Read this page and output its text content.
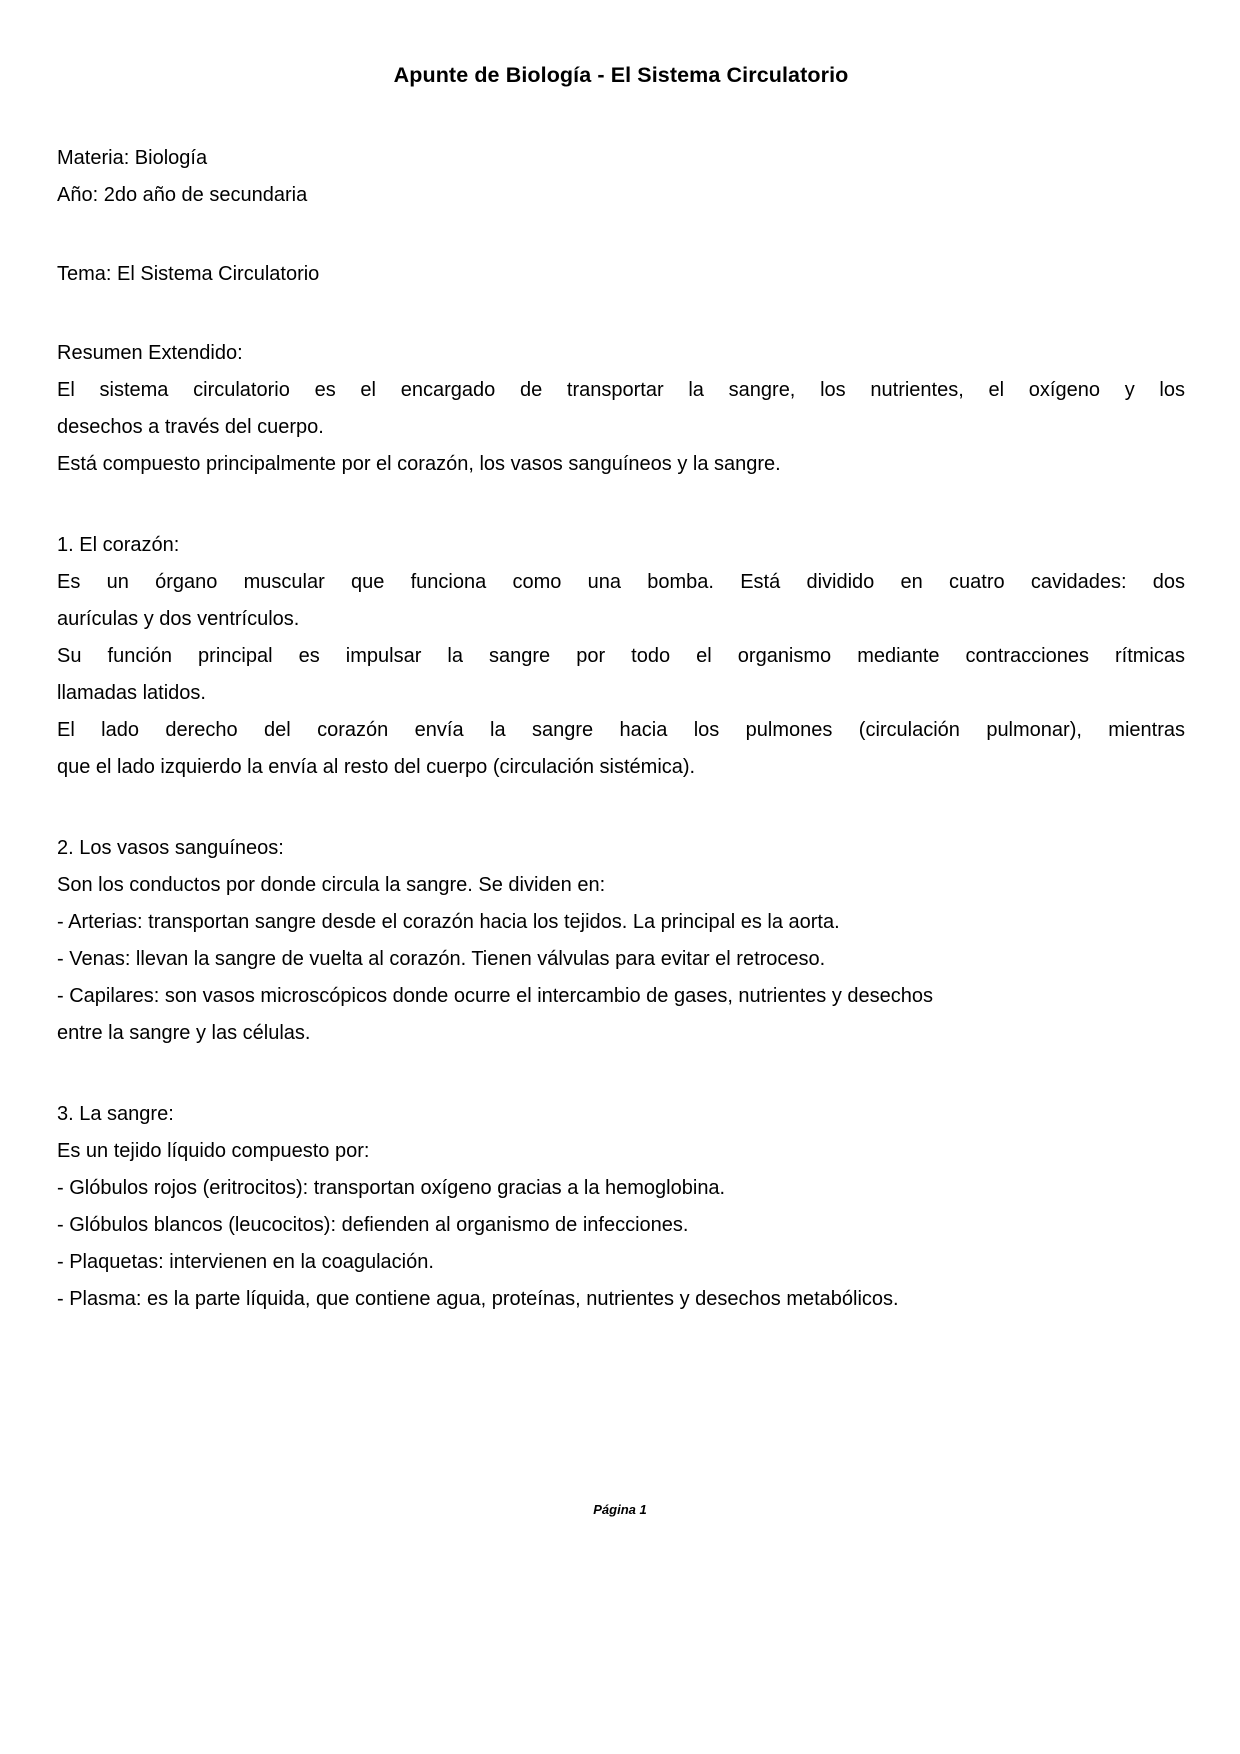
Apunte de Biología - El Sistema Circulatorio
Materia: Biología
Año: 2do año de secundaria
Tema: El Sistema Circulatorio
Resumen Extendido:
El sistema circulatorio es el encargado de transportar la sangre, los nutrientes, el oxígeno y los
desechos a través del cuerpo.
Está compuesto principalmente por el corazón, los vasos sanguíneos y la sangre.
1. El corazón:
Es un órgano muscular que funciona como una bomba. Está dividido en cuatro cavidades: dos
aurículas y dos ventrículos.
Su función principal es impulsar la sangre por todo el organismo mediante contracciones rítmicas
llamadas latidos.
El lado derecho del corazón envía la sangre hacia los pulmones (circulación pulmonar), mientras
que el lado izquierdo la envía al resto del cuerpo (circulación sistémica).
2. Los vasos sanguíneos:
Son los conductos por donde circula la sangre. Se dividen en:
- Arterias: transportan sangre desde el corazón hacia los tejidos. La principal es la aorta.
- Venas: llevan la sangre de vuelta al corazón. Tienen válvulas para evitar el retroceso.
- Capilares: son vasos microscópicos donde ocurre el intercambio de gases, nutrientes y desechos
entre la sangre y las células.
3. La sangre:
Es un tejido líquido compuesto por:
- Glóbulos rojos (eritrocitos): transportan oxígeno gracias a la hemoglobina.
- Glóbulos blancos (leucocitos): defienden al organismo de infecciones.
- Plaquetas: intervienen en la coagulación.
- Plasma: es la parte líquida, que contiene agua, proteínas, nutrientes y desechos metabólicos.
Página 1
